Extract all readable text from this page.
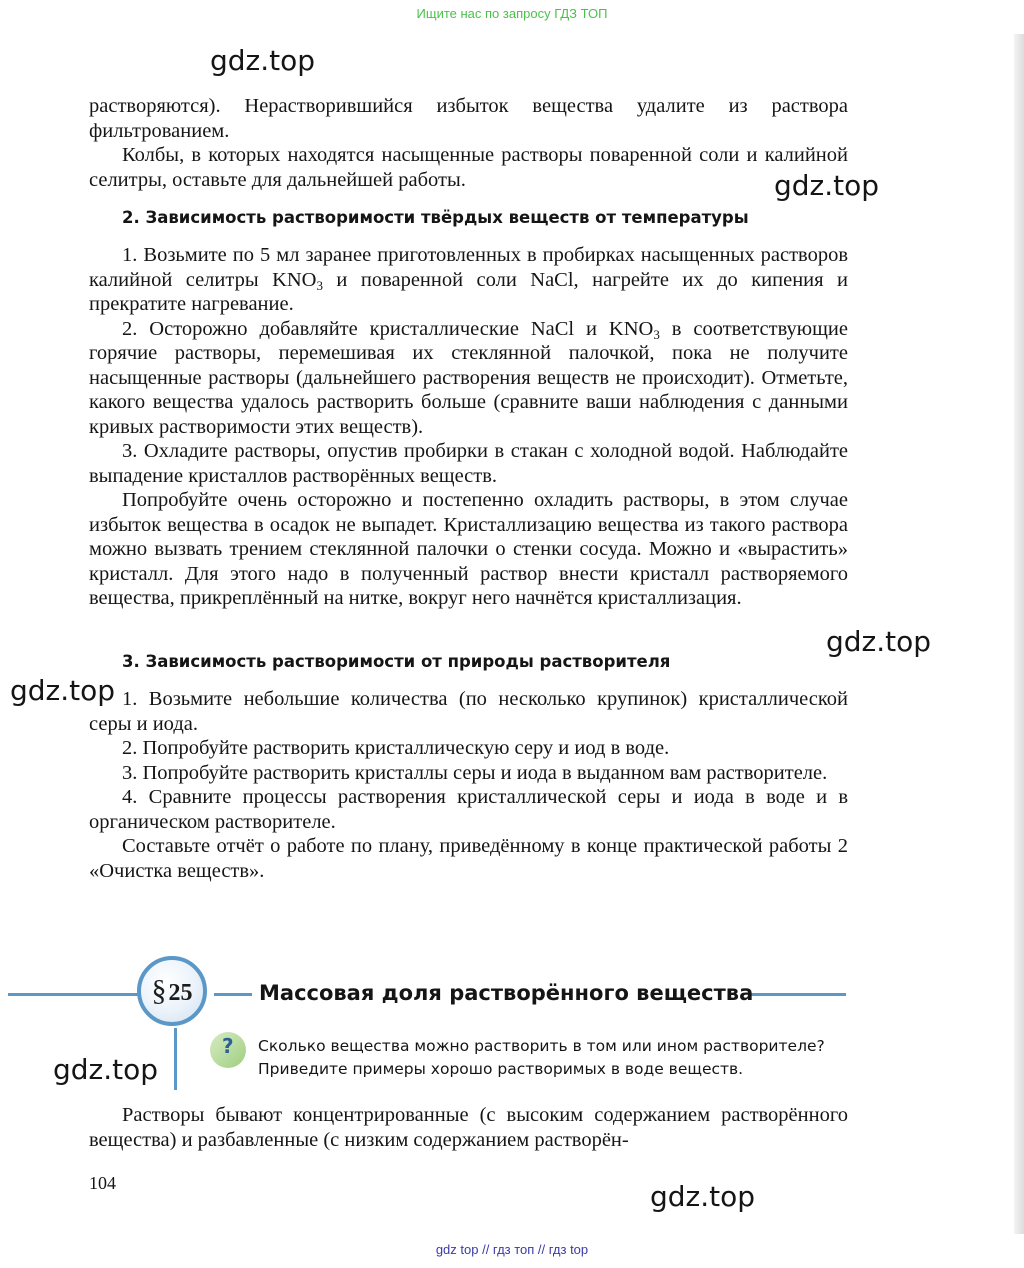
Ищите нас по запросу ГДЗ ТОП
gdz.top
gdz.top
gdz.top
gdz.top
gdz.top
gdz.top

растворяются). Нерастворившийся избыток вещества удалите из раствора фильтрованием.

Колбы, в которых находятся насыщенные растворы поваренной соли и калийной селитры, оставьте для дальнейшей работы.

2. Зависимость растворимости твёрдых веществ от температуры

1. Возьмите по 5 мл заранее приготовленных в пробирках насыщенных растворов калийной селитры $KNO_3$ и поваренной соли NaCl, нагрейте их до кипения и прекратите нагревание.

2. Осторожно добавляйте кристаллические NaCl и $KNO_3$ в соответствующие горячие растворы, перемешивая их стеклянной палочкой, пока не получите насыщенные растворы (дальнейшего растворения веществ не происходит). Отметьте, какого вещества удалось растворить больше (сравните ваши наблюдения с данными кривых растворимости этих веществ).

3. Охладите растворы, опустив пробирки в стакан с холодной водой. Наблюдайте выпадение кристаллов растворённых веществ.

Попробуйте очень осторожно и постепенно охладить растворы, в этом случае избыток вещества в осадок не выпадет. Кристаллизацию вещества из такого раствора можно вызвать трением стеклянной палочки о стенки сосуда. Можно и «вырастить» кристалл. Для этого надо в полученный раствор внести кристалл растворяемого вещества, прикреплённый на нитке, вокруг него начнётся кристаллизация.

3. Зависимость растворимости от природы растворителя

1. Возьмите небольшие количества (по несколько крупинок) кристаллической серы и иода.

2. Попробуйте растворить кристаллическую серу и иод в воде.

3. Попробуйте растворить кристаллы серы и иода в выданном вам растворителе.

4. Сравните процессы растворения кристаллической серы и иода в воде и в органическом растворителе.

Составьте отчёт о работе по плану, приведённому в конце практической работы 2 «Очистка веществ».

§25	Массовая доля растворённого вещества
? Сколько вещества можно растворить в том или ином растворителе?

Приведите примеры хорошо растворимых в воде веществ.

Растворы бывают концентрированные (с высоким содержанием растворённого вещества) и разбавленные (с низким содержанием растворён-

104
gdz top // гдз топ // гдз top
